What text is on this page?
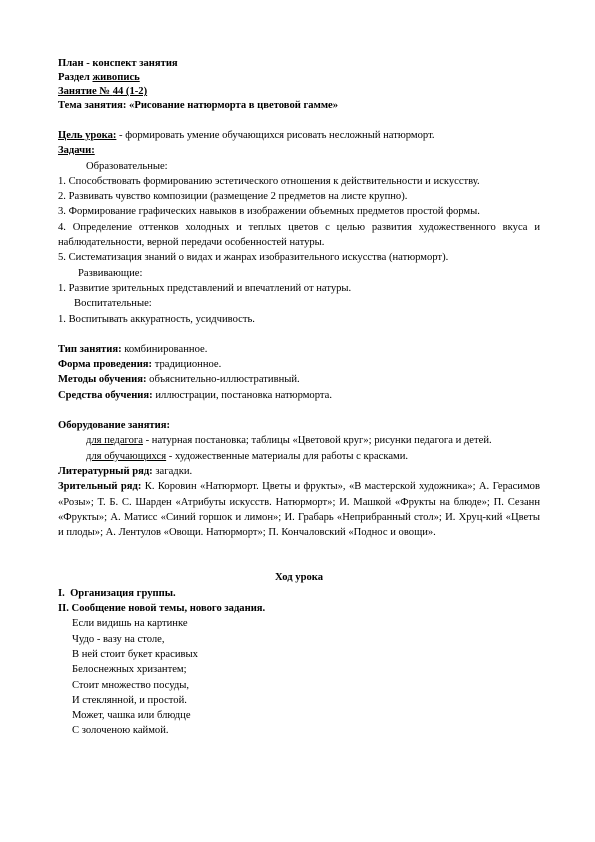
План - конспект занятия

Раздел живопись

Занятие № 44 (1-2)

Тема занятия: «Рисование натюрморта в цветовой гамме»

Цель урока: - формировать умение обучающихся рисовать несложный натюрморт.

Задачи:

Образовательные:

1. Способствовать формированию эстетического отношения к действительности и искусству.

2. Развивать чувство композиции (размещение 2 предметов на листе крупно).

3. Формирование графических навыков в изображении объемных предметов простой формы.

4. Определение оттенков холодных и теплых цветов с целью развития художественного вкуса и наблюдательности, верной передачи особенностей натуры.

5. Систематизация знаний о видах и жанрах изобразительного искусства (натюрморт).

Развивающие:

1. Развитие зрительных представлений и впечатлений от натуры.

Воспитательные:

1. Воспитывать аккуратность, усидчивость.

Тип занятия: комбинированное.

Форма проведения: традиционное.

Методы обучения: объяснительно-иллюстративный.

Средства обучения: иллюстрации, постановка натюрморта.

Оборудование занятия:

для педагога - натурная постановка; таблицы «Цветовой круг»; рисунки педагога и детей.

для обучающихся - художественные материалы для работы с красками.

Литературный ряд: загадки.

Зрительный ряд: К. Коровин «Натюрморт. Цветы и фрукты», «В мастерской художника»; А. Герасимов «Розы»; Т. Б. С. Шарден «Атрибуты искусств. Натюрморт»; И. Машкой «Фрукты на блюде»; П. Сезанн «Фрукты»; А. Матисс «Синий горшок и лимон»; И. Грабарь «Неприбранный стол»; И. Хруц-кий «Цветы и плоды»; А. Лентулов «Овощи. Натюрморт»; П. Кончаловский «Поднос и овощи».

Ход урока

I.  Организация группы.

II. Сообщение новой темы, нового задания.

Если видишь на картинке

Чудо - вазу на столе,

В ней стоит букет красивых

Белоснежных хризантем;

Стоит множество посуды,

И стеклянной, и простой.

Может, чашка или блюдце

С золоченою каймой.
